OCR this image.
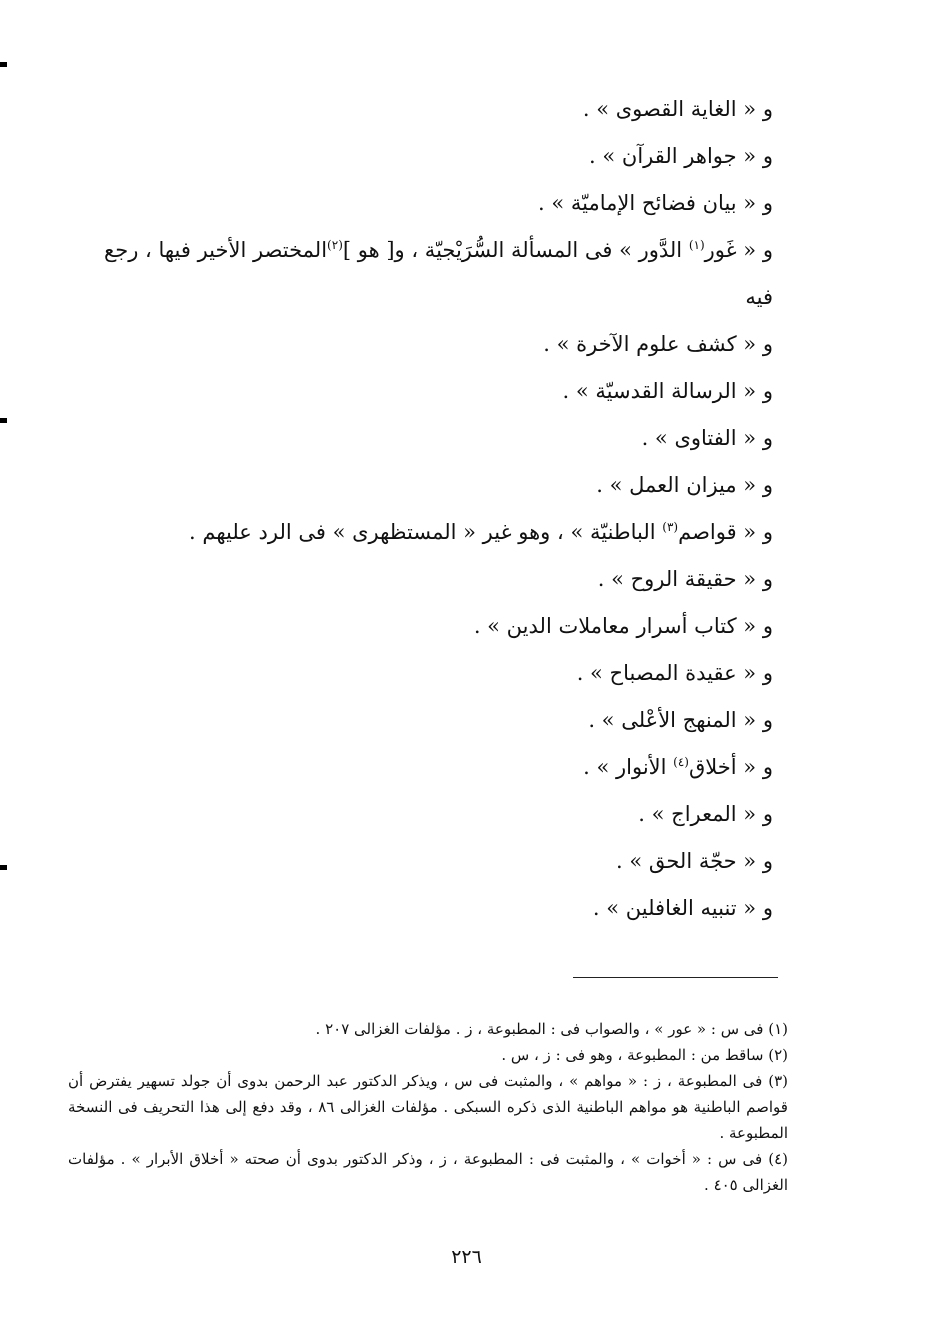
و « الغاية القصوى » .
و « جواهر القرآن » .
و « بيان فضائح الإماميّة » .
و « غَور$^{(١)}$ الدَّور » فى المسألة السُّرَيْجيّة ، و[ هو ]$^{(٢)}$المختصر الأخير فيها ، رجع فيه
و « كشف علوم الآخرة » .
و « الرسالة القدسيّة » .
و « الفتاوى » .
و « ميزان العمل » .
و « قواصم$^{(٣)}$ الباطنيّة » ، وهو غير « المستظهرى » فى الرد عليهم .
و « حقيقة الروح » .
و « كتاب أسرار معاملات الدين » .
و « عقيدة المصباح » .
و « المنهج الأعْلى » .
و « أخلاق$^{(٤)}$ الأنوار » .
و « المعراج » .
و « حجّة الحق » .
و « تنبيه الغافلين » .

(١) فى س : « عور » ، والصواب فى : المطبوعة ، ز . مؤلفات الغزالى ٢٠٧ .

(٢) ساقط من : المطبوعة ، وهو فى : ز ، س .

(٣) فى المطبوعة ، ز : « مواهم » ، والمثبت فى س ، ويذكر الدكتور عبد الرحمن بدوى أن جولد تسهير يفترض أن قواصم الباطنية هو مواهم الباطنية الذى ذكره السبكى . مؤلفات الغزالى ٨٦ ، وقد دفع إلى هذا التحريف فى النسخة المطبوعة .

(٤) فى س : « أخوات » ، والمثبت فى : المطبوعة ، ز ، وذكر الدكتور بدوى أن صحته « أخلاق الأبرار » . مؤلفات الغزالى ٤٠٥ .

٢٢٦
